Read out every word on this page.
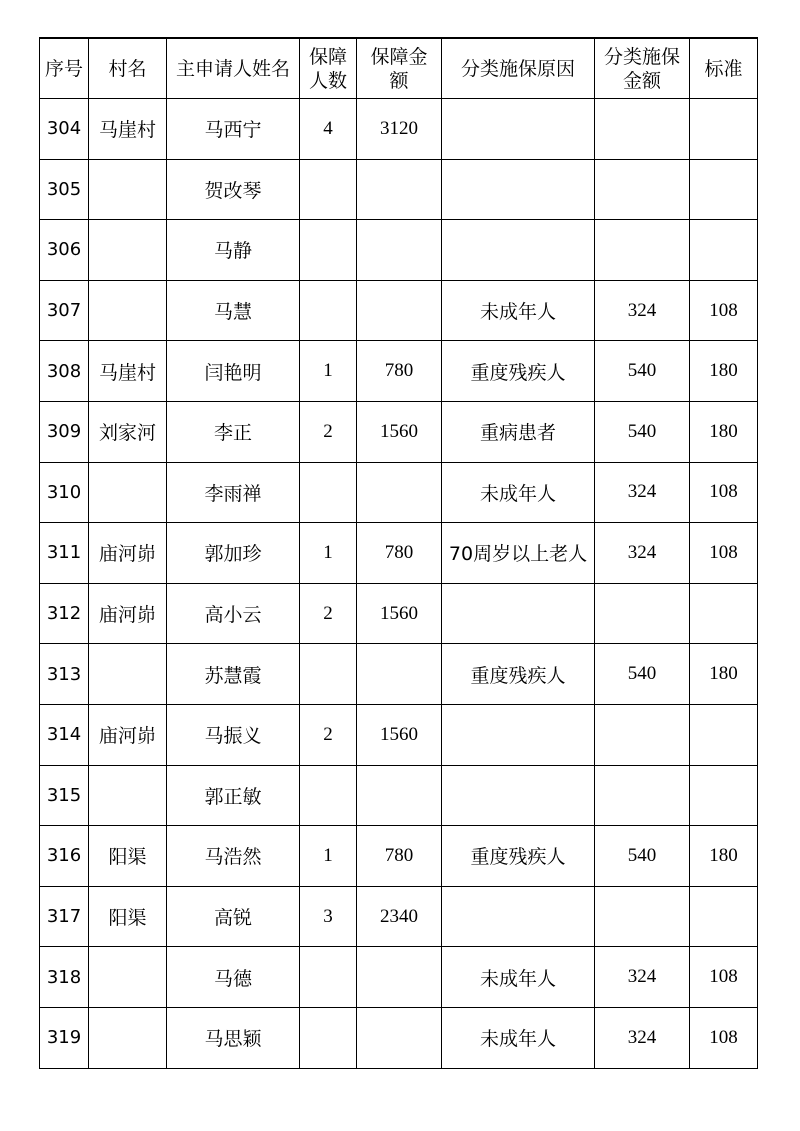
序号	村名	主申请人姓名	保障人数	保障金额	分类施保原因	分类施保金额	标准
304	马崖村	马西宁	4	3120			
305		贺改琴					
306		马静					
307		马慧			未成年人	324	108
308	马崖村	闫艳明	1	780	重度残疾人	540	180
309	刘家河	李正	2	1560	重病患者	540	180
310		李雨禅			未成年人	324	108
311	庙河峁	郭加珍	1	780	70周岁以上老人	324	108
312	庙河峁	高小云	2	1560			
313		苏慧霞			重度残疾人	540	180
314	庙河峁	马振义	2	1560			
315		郭正敏					
316	阳渠	马浩然	1	780	重度残疾人	540	180
317	阳渠	高锐	3	2340			
318		马德			未成年人	324	108
319		马思颖			未成年人	324	108
